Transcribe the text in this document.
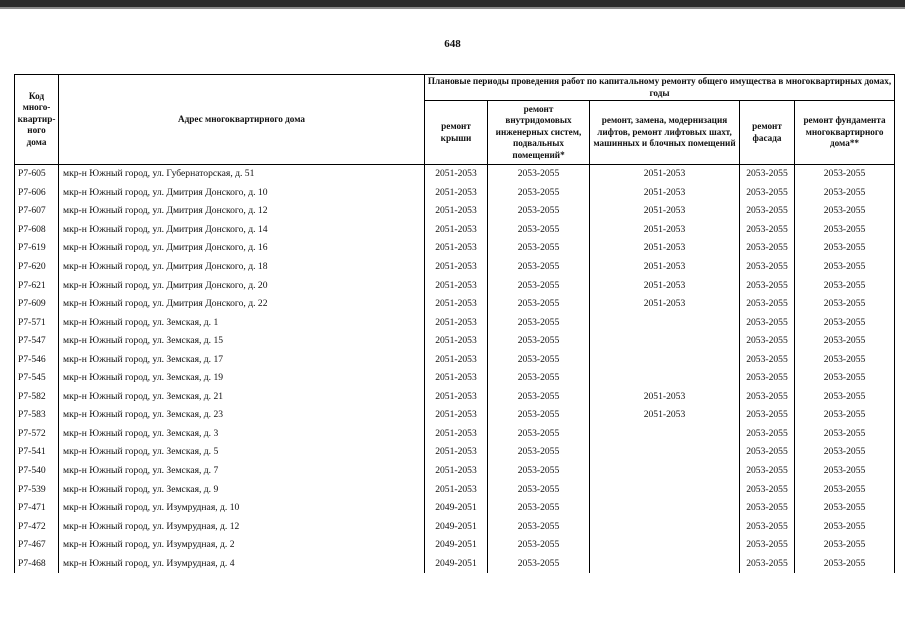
648
Код много-квартир-ного дома	Адрес многоквартирного дома	Плановые периоды проведения работ по капитальному ремонту общего имущества в многоквартирных домах, годы				
		ремонт крыши	ремонт внутридомовых инженерных систем, подвальных помещений*	ремонт, замена, модернизация лифтов, ремонт лифтовых шахт, машинных и блочных помещений	ремонт фасада	ремонт фундамента многоквартирного дома**
Р7-605	мкр-н Южный город, ул. Губернаторская, д. 51	2051-2053	2053-2055	2051-2053	2053-2055	2053-2055
Р7-606	мкр-н Южный город, ул. Дмитрия Донского, д. 10	2051-2053	2053-2055	2051-2053	2053-2055	2053-2055
Р7-607	мкр-н Южный город, ул. Дмитрия Донского, д. 12	2051-2053	2053-2055	2051-2053	2053-2055	2053-2055
Р7-608	мкр-н Южный город, ул. Дмитрия Донского, д. 14	2051-2053	2053-2055	2051-2053	2053-2055	2053-2055
Р7-619	мкр-н Южный город, ул. Дмитрия Донского, д. 16	2051-2053	2053-2055	2051-2053	2053-2055	2053-2055
Р7-620	мкр-н Южный город, ул. Дмитрия Донского, д. 18	2051-2053	2053-2055	2051-2053	2053-2055	2053-2055
Р7-621	мкр-н Южный город, ул. Дмитрия Донского, д. 20	2051-2053	2053-2055	2051-2053	2053-2055	2053-2055
Р7-609	мкр-н Южный город, ул. Дмитрия Донского, д. 22	2051-2053	2053-2055	2051-2053	2053-2055	2053-2055
Р7-571	мкр-н Южный город, ул. Земская, д. 1	2051-2053	2053-2055		2053-2055	2053-2055
Р7-547	мкр-н Южный город, ул. Земская, д. 15	2051-2053	2053-2055		2053-2055	2053-2055
Р7-546	мкр-н Южный город, ул. Земская, д. 17	2051-2053	2053-2055		2053-2055	2053-2055
Р7-545	мкр-н Южный город, ул. Земская, д. 19	2051-2053	2053-2055		2053-2055	2053-2055
Р7-582	мкр-н Южный город, ул. Земская, д. 21	2051-2053	2053-2055	2051-2053	2053-2055	2053-2055
Р7-583	мкр-н Южный город, ул. Земская, д. 23	2051-2053	2053-2055	2051-2053	2053-2055	2053-2055
Р7-572	мкр-н Южный город, ул. Земская, д. 3	2051-2053	2053-2055		2053-2055	2053-2055
Р7-541	мкр-н Южный город, ул. Земская, д. 5	2051-2053	2053-2055		2053-2055	2053-2055
Р7-540	мкр-н Южный город, ул. Земская, д. 7	2051-2053	2053-2055		2053-2055	2053-2055
Р7-539	мкр-н Южный город, ул. Земская, д. 9	2051-2053	2053-2055		2053-2055	2053-2055
Р7-471	мкр-н Южный город, ул. Изумрудная, д. 10	2049-2051	2053-2055		2053-2055	2053-2055
Р7-472	мкр-н Южный город, ул. Изумрудная, д. 12	2049-2051	2053-2055		2053-2055	2053-2055
Р7-467	мкр-н Южный город, ул. Изумрудная, д. 2	2049-2051	2053-2055		2053-2055	2053-2055
Р7-468	мкр-н Южный город, ул. Изумрудная, д. 4	2049-2051	2053-2055		2053-2055	2053-2055
